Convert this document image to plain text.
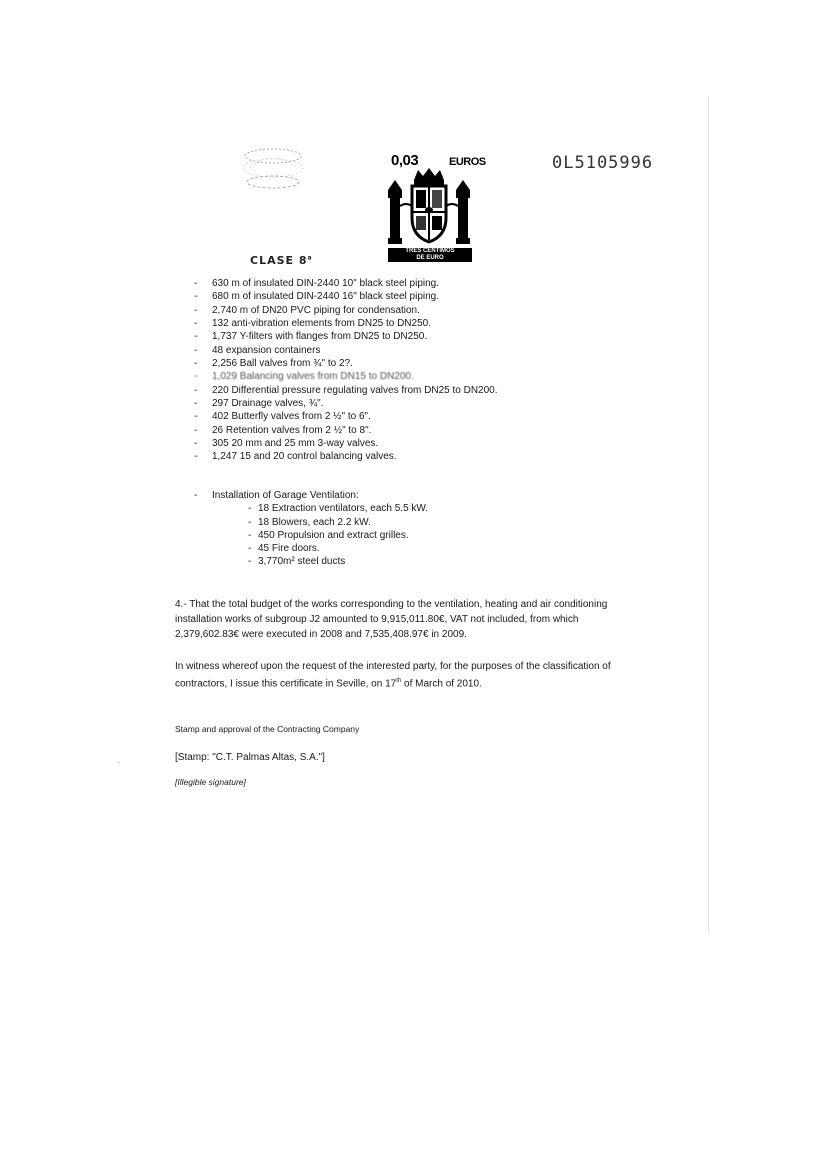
0,03	EUROS
TRES CÉNTIMOS
DE EURO
0L5105996
CLASE 8$^a$
- 630 m of insulated DIN-2440 10" black steel piping.
- 680 m of insulated DIN-2440 16" black steel piping.
- 2,740 m of DN20 PVC piping for condensation.
- 132 anti-vibration elements from DN25 to DN250.
- 1,737 Y-filters with flanges from DN25 to DN250.
- 48 expansion containers
- 2,256 Ball valves from ¾" to 2?.
- 1,029 Balancing valves from DN15 to DN200.
- 220 Differential pressure regulating valves from DN25 to DN200.
- 297 Drainage valves, ¾".
- 402 Butterfly valves from 2 ½" to 6".
- 26 Retention valves from 2 ½" to 8".
- 305 20 mm and 25 mm 3-way valves.
- 1,247 15 and 20 control balancing valves.
- Installation of Garage Ventilation:
- 18 Extraction ventilators, each 5.5 kW.
- 18 Blowers, each 2.2 kW.
- 450 Propulsion and extract grilles.
- 45 Fire doors.
- 3,770m² steel ducts
4.- That the total budget of the works corresponding to the ventilation, heating and air conditioning installation works of subgroup J2 amounted to 9,915,011.80€, VAT not included, from which 2,379,602.83€ were executed in 2008 and 7,535,408.97€ in 2009.
In witness whereof upon the request of the interested party, for the purposes of the classification of contractors, I issue this certificate in Seville, on 17th of March of 2010.
Stamp and approval of the Contracting Company
[Stamp: "C.T. Palmas Altas, S.A."]
[Illegible signature]
